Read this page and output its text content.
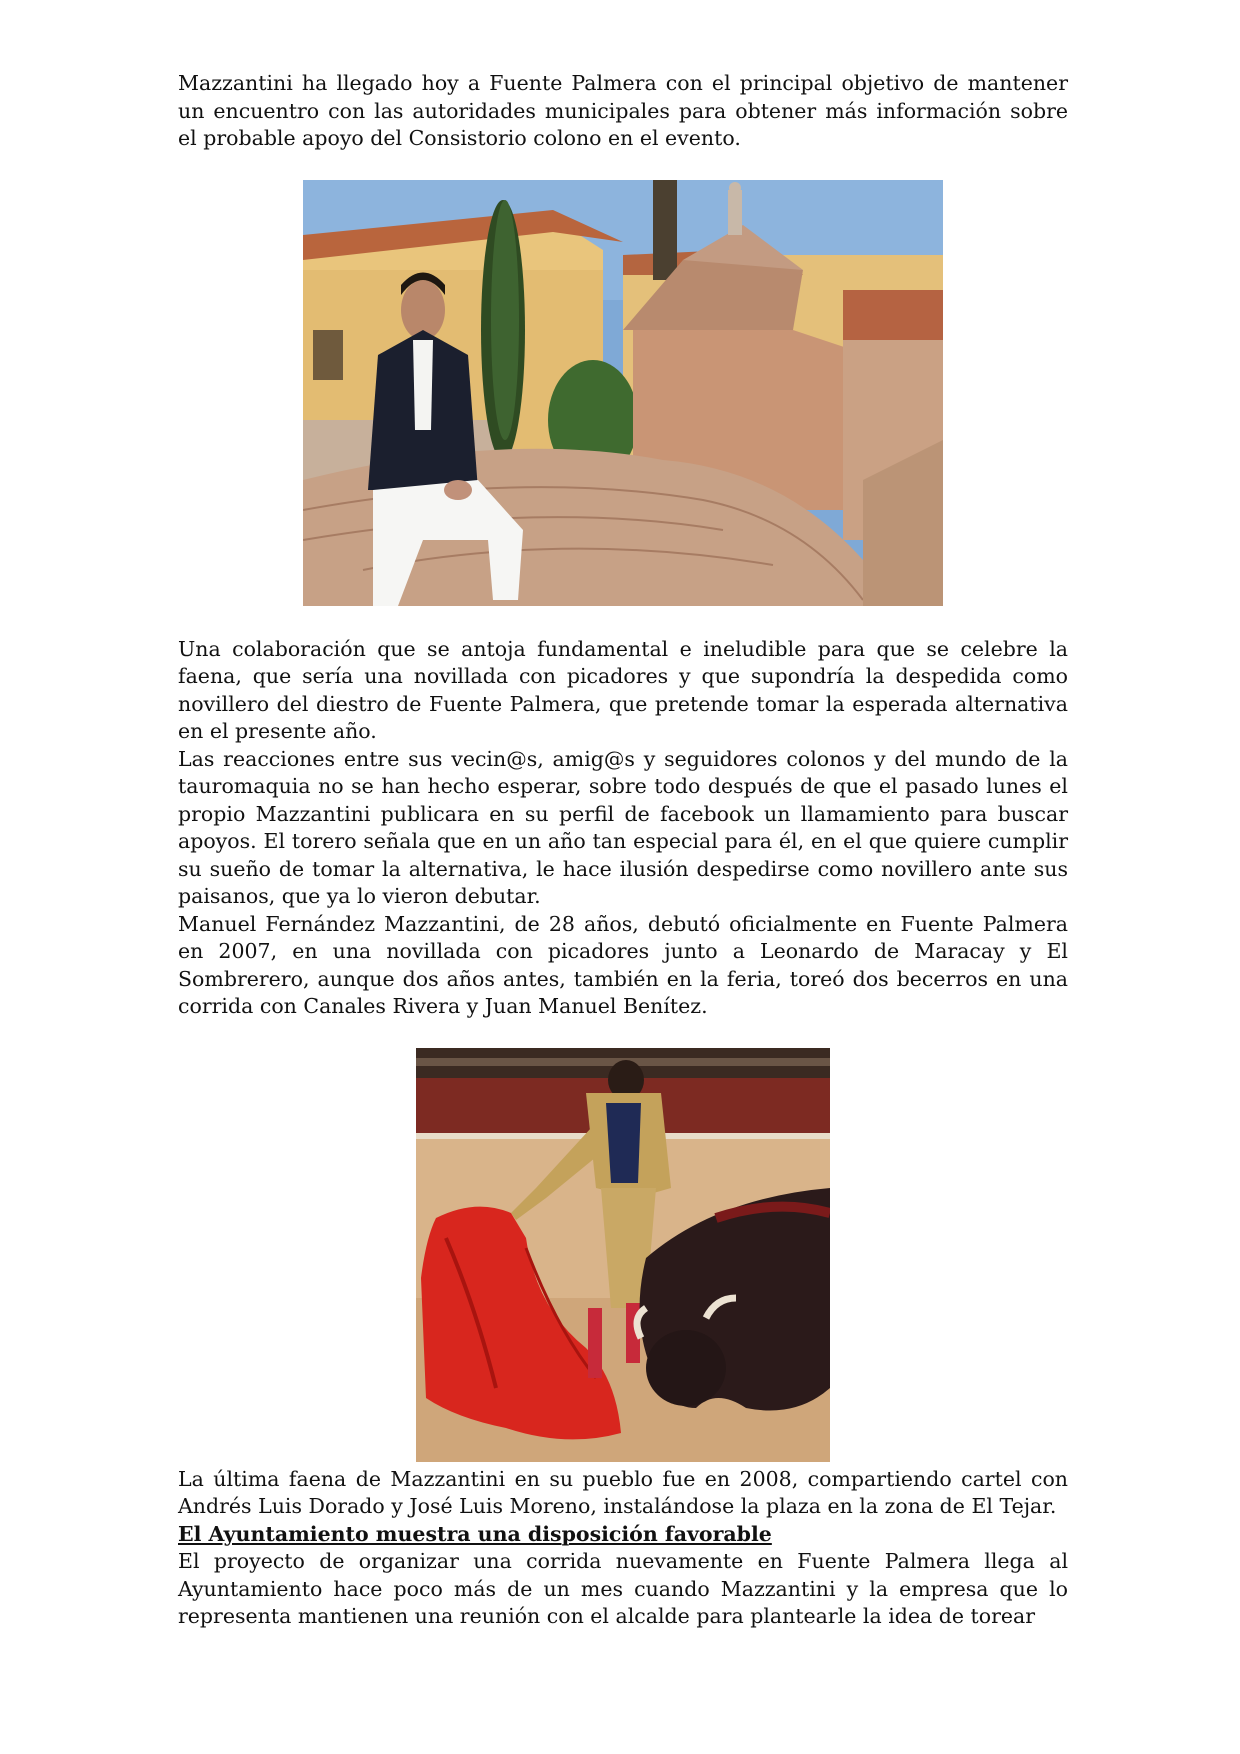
Mazzantini ha llegado hoy a Fuente Palmera con el principal objetivo de mantener un encuentro con las autoridades municipales para obtener más información sobre el probable apoyo del Consistorio colono en el evento.

Una colaboración que se antoja fundamental e ineludible para que se celebre la faena, que sería una novillada con picadores y que supondría la despedida como novillero del diestro de Fuente Palmera, que pretende tomar la esperada alternativa en el presente año.

Las reacciones entre sus vecin@s, amig@s y seguidores colonos y del mundo de la tauromaquia no se han hecho esperar, sobre todo después de que el pasado lunes el propio Mazzantini publicara en su perfil de facebook un llamamiento para buscar apoyos. El torero señala que en un año tan especial para él, en el que quiere cumplir su sueño de tomar la alternativa, le hace ilusión despedirse como novillero ante sus paisanos, que ya lo vieron debutar.

Manuel Fernández Mazzantini, de 28 años, debutó oficialmente en Fuente Palmera en 2007, en una novillada con picadores junto a Leonardo de Maracay y El Sombrerero, aunque dos años antes, también en la feria, toreó dos becerros en una corrida con Canales Rivera y Juan Manuel Benítez.

La última faena de Mazzantini en su pueblo fue en 2008, compartiendo cartel con Andrés Luis Dorado y José Luis Moreno, instalándose la plaza en la zona de El Tejar.

El Ayuntamiento muestra una disposición favorable

El proyecto de organizar una corrida nuevamente en Fuente Palmera llega al Ayuntamiento hace poco más de un mes cuando Mazzantini y la empresa que lo representa mantienen una reunión con el alcalde para plantearle la idea de torear
